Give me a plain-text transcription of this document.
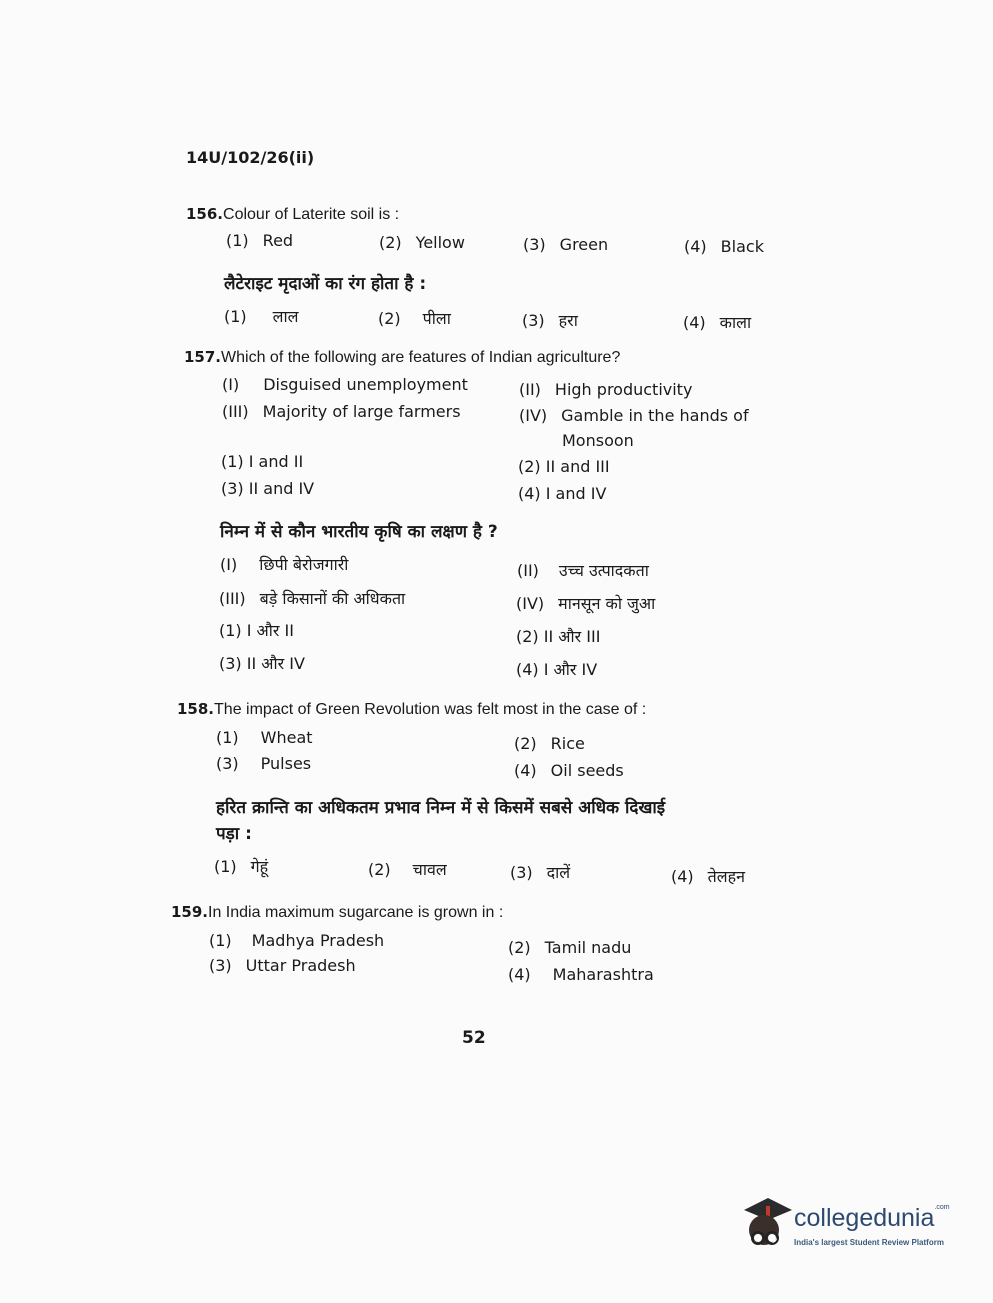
14U/102/26(ii)
156.Colour of Laterite soil is :
(1) Red	(2) Yellow	(3) Green	(4) Black
लैटेराइट मृदाओं का रंग होता है :
(1) लाल	(2) पीला	(3) हरा	(4) काला
157.Which of the following are features of Indian agriculture?
(I) Disguised unemployment	(II) High productivity
(III) Majority of large farmers	(IV) Gamble in the hands of
Monsoon
(1) I and II	(2) II and III
(3) II and IV	(4) I and IV
निम्न में से कौन भारतीय कृषि का लक्षण है ?
(I) छिपी बेरोजगारी	(II) उच्च उत्पादकता
(III) बड़े किसानों की अधिकता	(IV) मानसून को जुआ
(1) I और II	(2) II और III
(3) II और IV	(4) I और IV
158.The impact of Green Revolution was felt most in the case of :
(1) Wheat	(2) Rice
(3) Pulses	(4) Oil seeds
हरित क्रान्ति का अधिकतम प्रभाव निम्न में से किसमें सबसे अधिक दिखाई
पड़ा :
(1) गेहूं	(2) चावल	(3) दालें	(4) तेलहन
159.In India maximum sugarcane is grown in :
(1) Madhya Pradesh	(2) Tamil nadu
(3) Uttar Pradesh	(4) Maharashtra
52
collegedunia$^{.com}$
India's largest Student Review Platform
